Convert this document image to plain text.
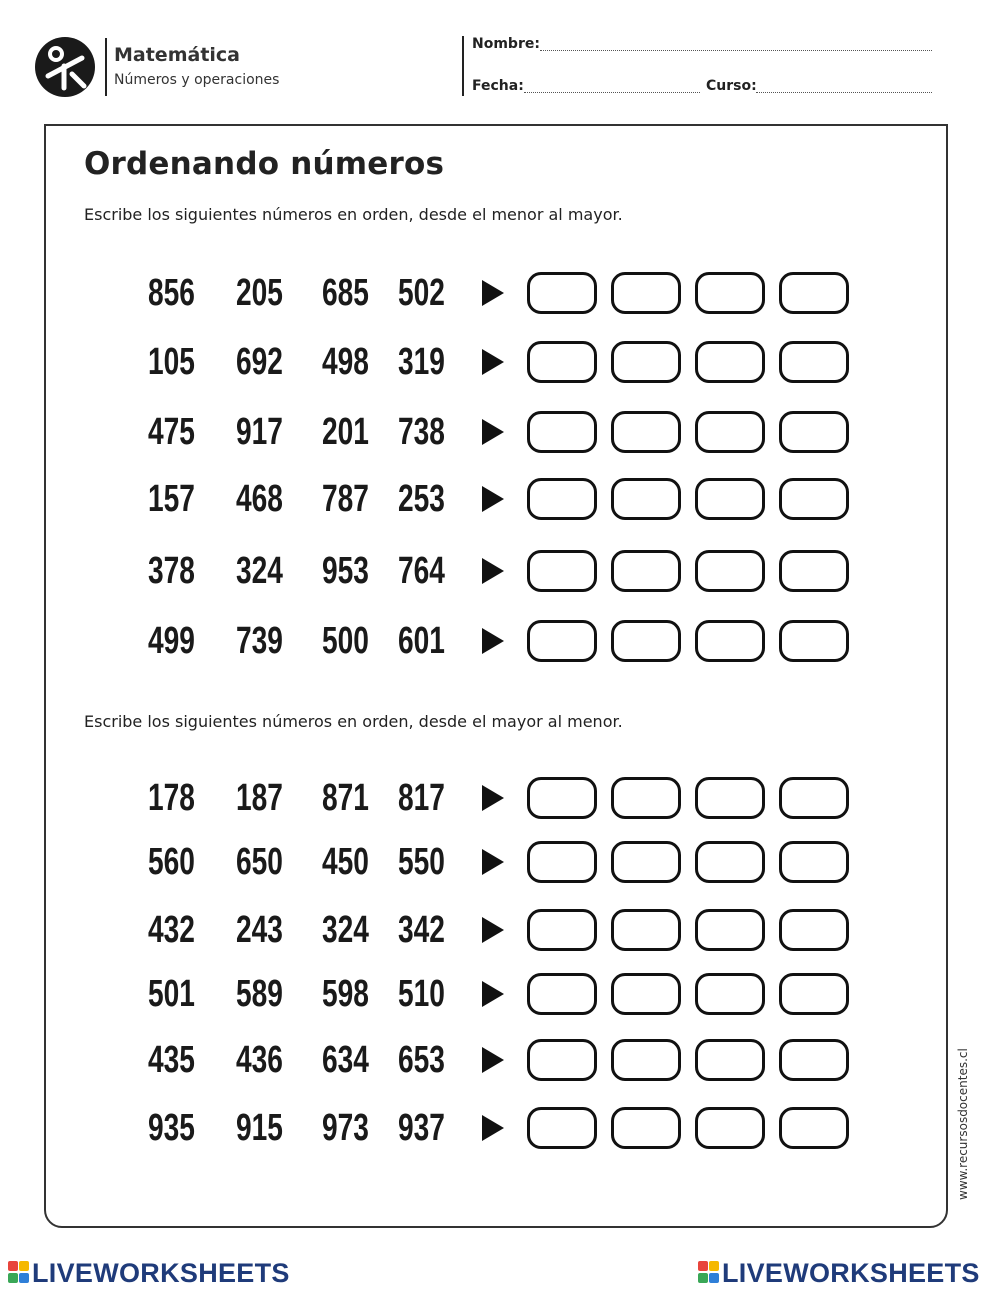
Matemática
Números y operaciones
Nombre:
Fecha:	Curso:
Ordenando números
Escribe los siguientes números en orden, desde el menor al mayor.
Escribe los siguientes números en orden, desde el mayor al menor.
856 205 685 502
105 692 498 319
475 917 201 738
157 468 787 253
378 324 953 764
499 739 500 601
178 187 871 817
560 650 450 550
432 243 324 342
501 589 598 510
435 436 634 653
935 915 973 937	www.recursosdocentes.cl
LIVEWORKSHEETS	LIVEWORKSHEETS
